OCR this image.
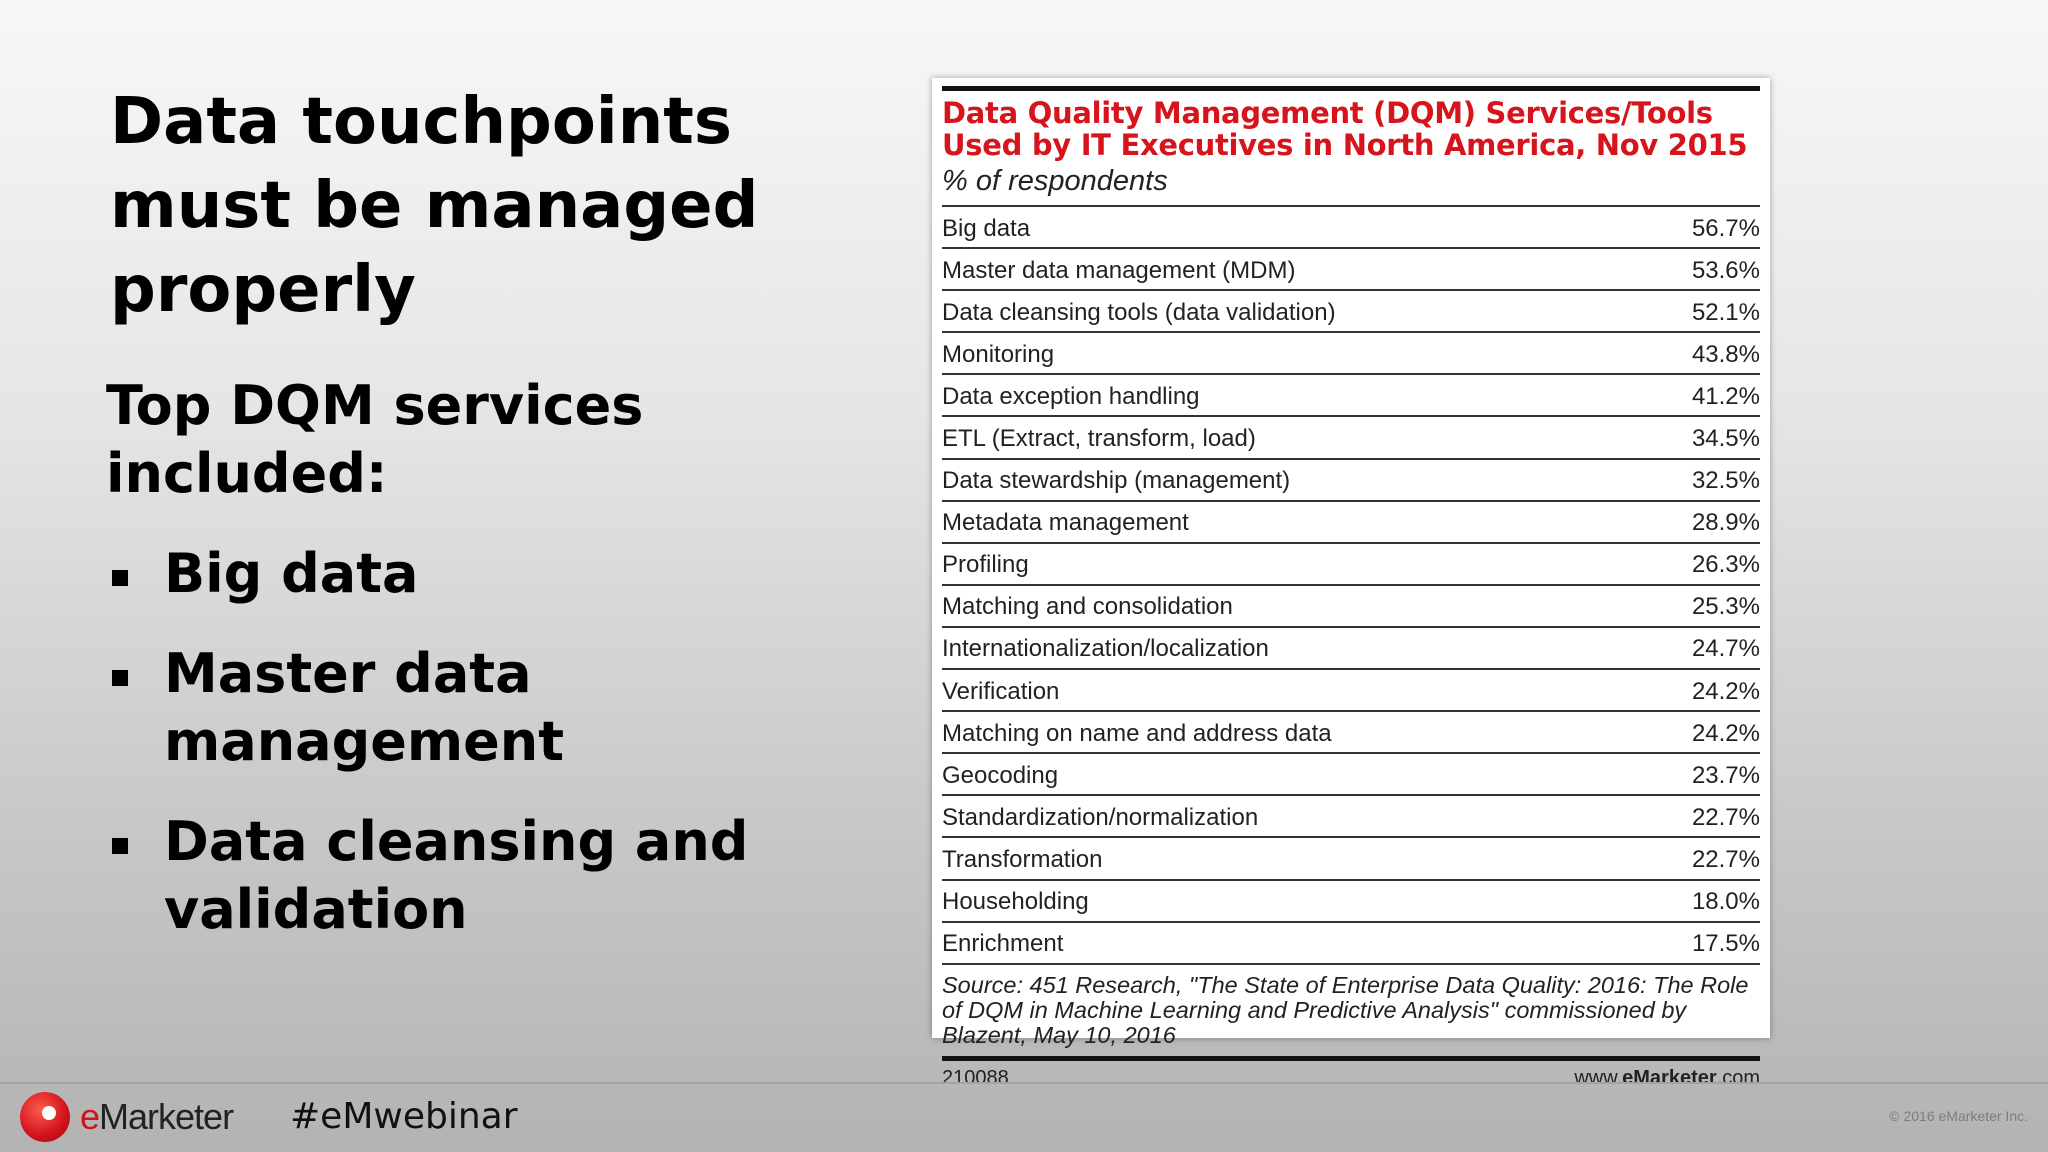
Data touchpoints must be managed properly
Top DQM services included:
Big data
Master data management
Data cleansing and validation
Data Quality Management (DQM) Services/Tools Used by IT Executives in North America, Nov 2015
% of respondents
Big data	56.7%
Master data management (MDM)	53.6%
Data cleansing tools (data validation)	52.1%
Monitoring	43.8%
Data exception handling	41.2%
ETL (Extract, transform, load)	34.5%
Data stewardship (management)	32.5%
Metadata management	28.9%
Profiling	26.3%
Matching and consolidation	25.3%
Internationalization/localization	24.7%
Verification	24.2%
Matching on name and address data	24.2%
Geocoding	23.7%
Standardization/normalization	22.7%
Transformation	22.7%
Householding	18.0%
Enrichment	17.5%
Source: 451 Research, "The State of Enterprise Data Quality: 2016: The Role of DQM in Machine Learning and Predictive Analysis" commissioned by Blazent, May 10, 2016
210088	www.eMarketer.com
eMarketer #eMwebinar	© 2016 eMarketer Inc.
